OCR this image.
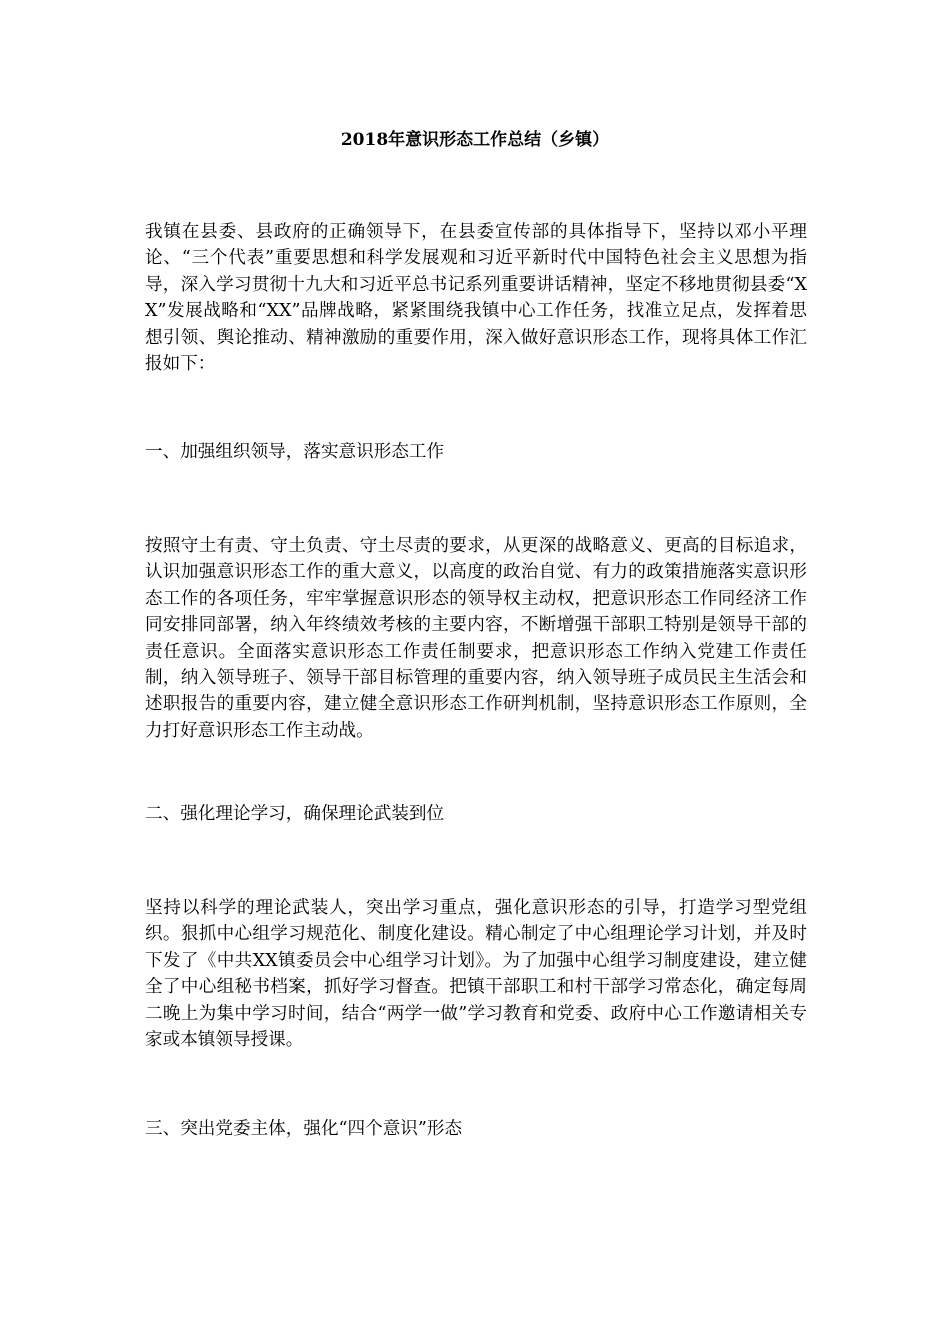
2018年意识形态工作总结（乡镇）

我镇在县委、县政府的正确领导下，在县委宣传部的具体指导下，坚持以邓小平理论、“三个代表”重要思想和科学发展观和习近平新时代中国特色社会主义思想为指导，深入学习贯彻十九大和习近平总书记系列重要讲话精神，坚定不移地贯彻县委“XX”发展战略和“XX”品牌战略，紧紧围绕我镇中心工作任务，找准立足点，发挥着思想引领、舆论推动、精神激励的重要作用，深入做好意识形态工作，现将具体工作汇报如下：

一、加强组织领导，落实意识形态工作

按照守土有责、守土负责、守土尽责的要求，从更深的战略意义、更高的目标追求，认识加强意识形态工作的重大意义，以高度的政治自觉、有力的政策措施落实意识形态工作的各项任务，牢牢掌握意识形态的领导权主动权，把意识形态工作同经济工作同安排同部署，纳入年终绩效考核的主要内容，不断增强干部职工特别是领导干部的责任意识。全面落实意识形态工作责任制要求，把意识形态工作纳入党建工作责任制，纳入领导班子、领导干部目标管理的重要内容，纳入领导班子成员民主生活会和述职报告的重要内容，建立健全意识形态工作研判机制，坚持意识形态工作原则，全力打好意识形态工作主动战。

二、强化理论学习，确保理论武装到位

坚持以科学的理论武装人，突出学习重点，强化意识形态的引导，打造学习型党组织。狠抓中心组学习规范化、制度化建设。精心制定了中心组理论学习计划，并及时下发了《中共XX镇委员会中心组学习计划》。为了加强中心组学习制度建设，建立健全了中心组秘书档案，抓好学习督查。把镇干部职工和村干部学习常态化，确定每周二晚上为集中学习时间，结合“两学一做”学习教育和党委、政府中心工作邀请相关专家或本镇领导授课。

三、突出党委主体，强化“四个意识”形态
